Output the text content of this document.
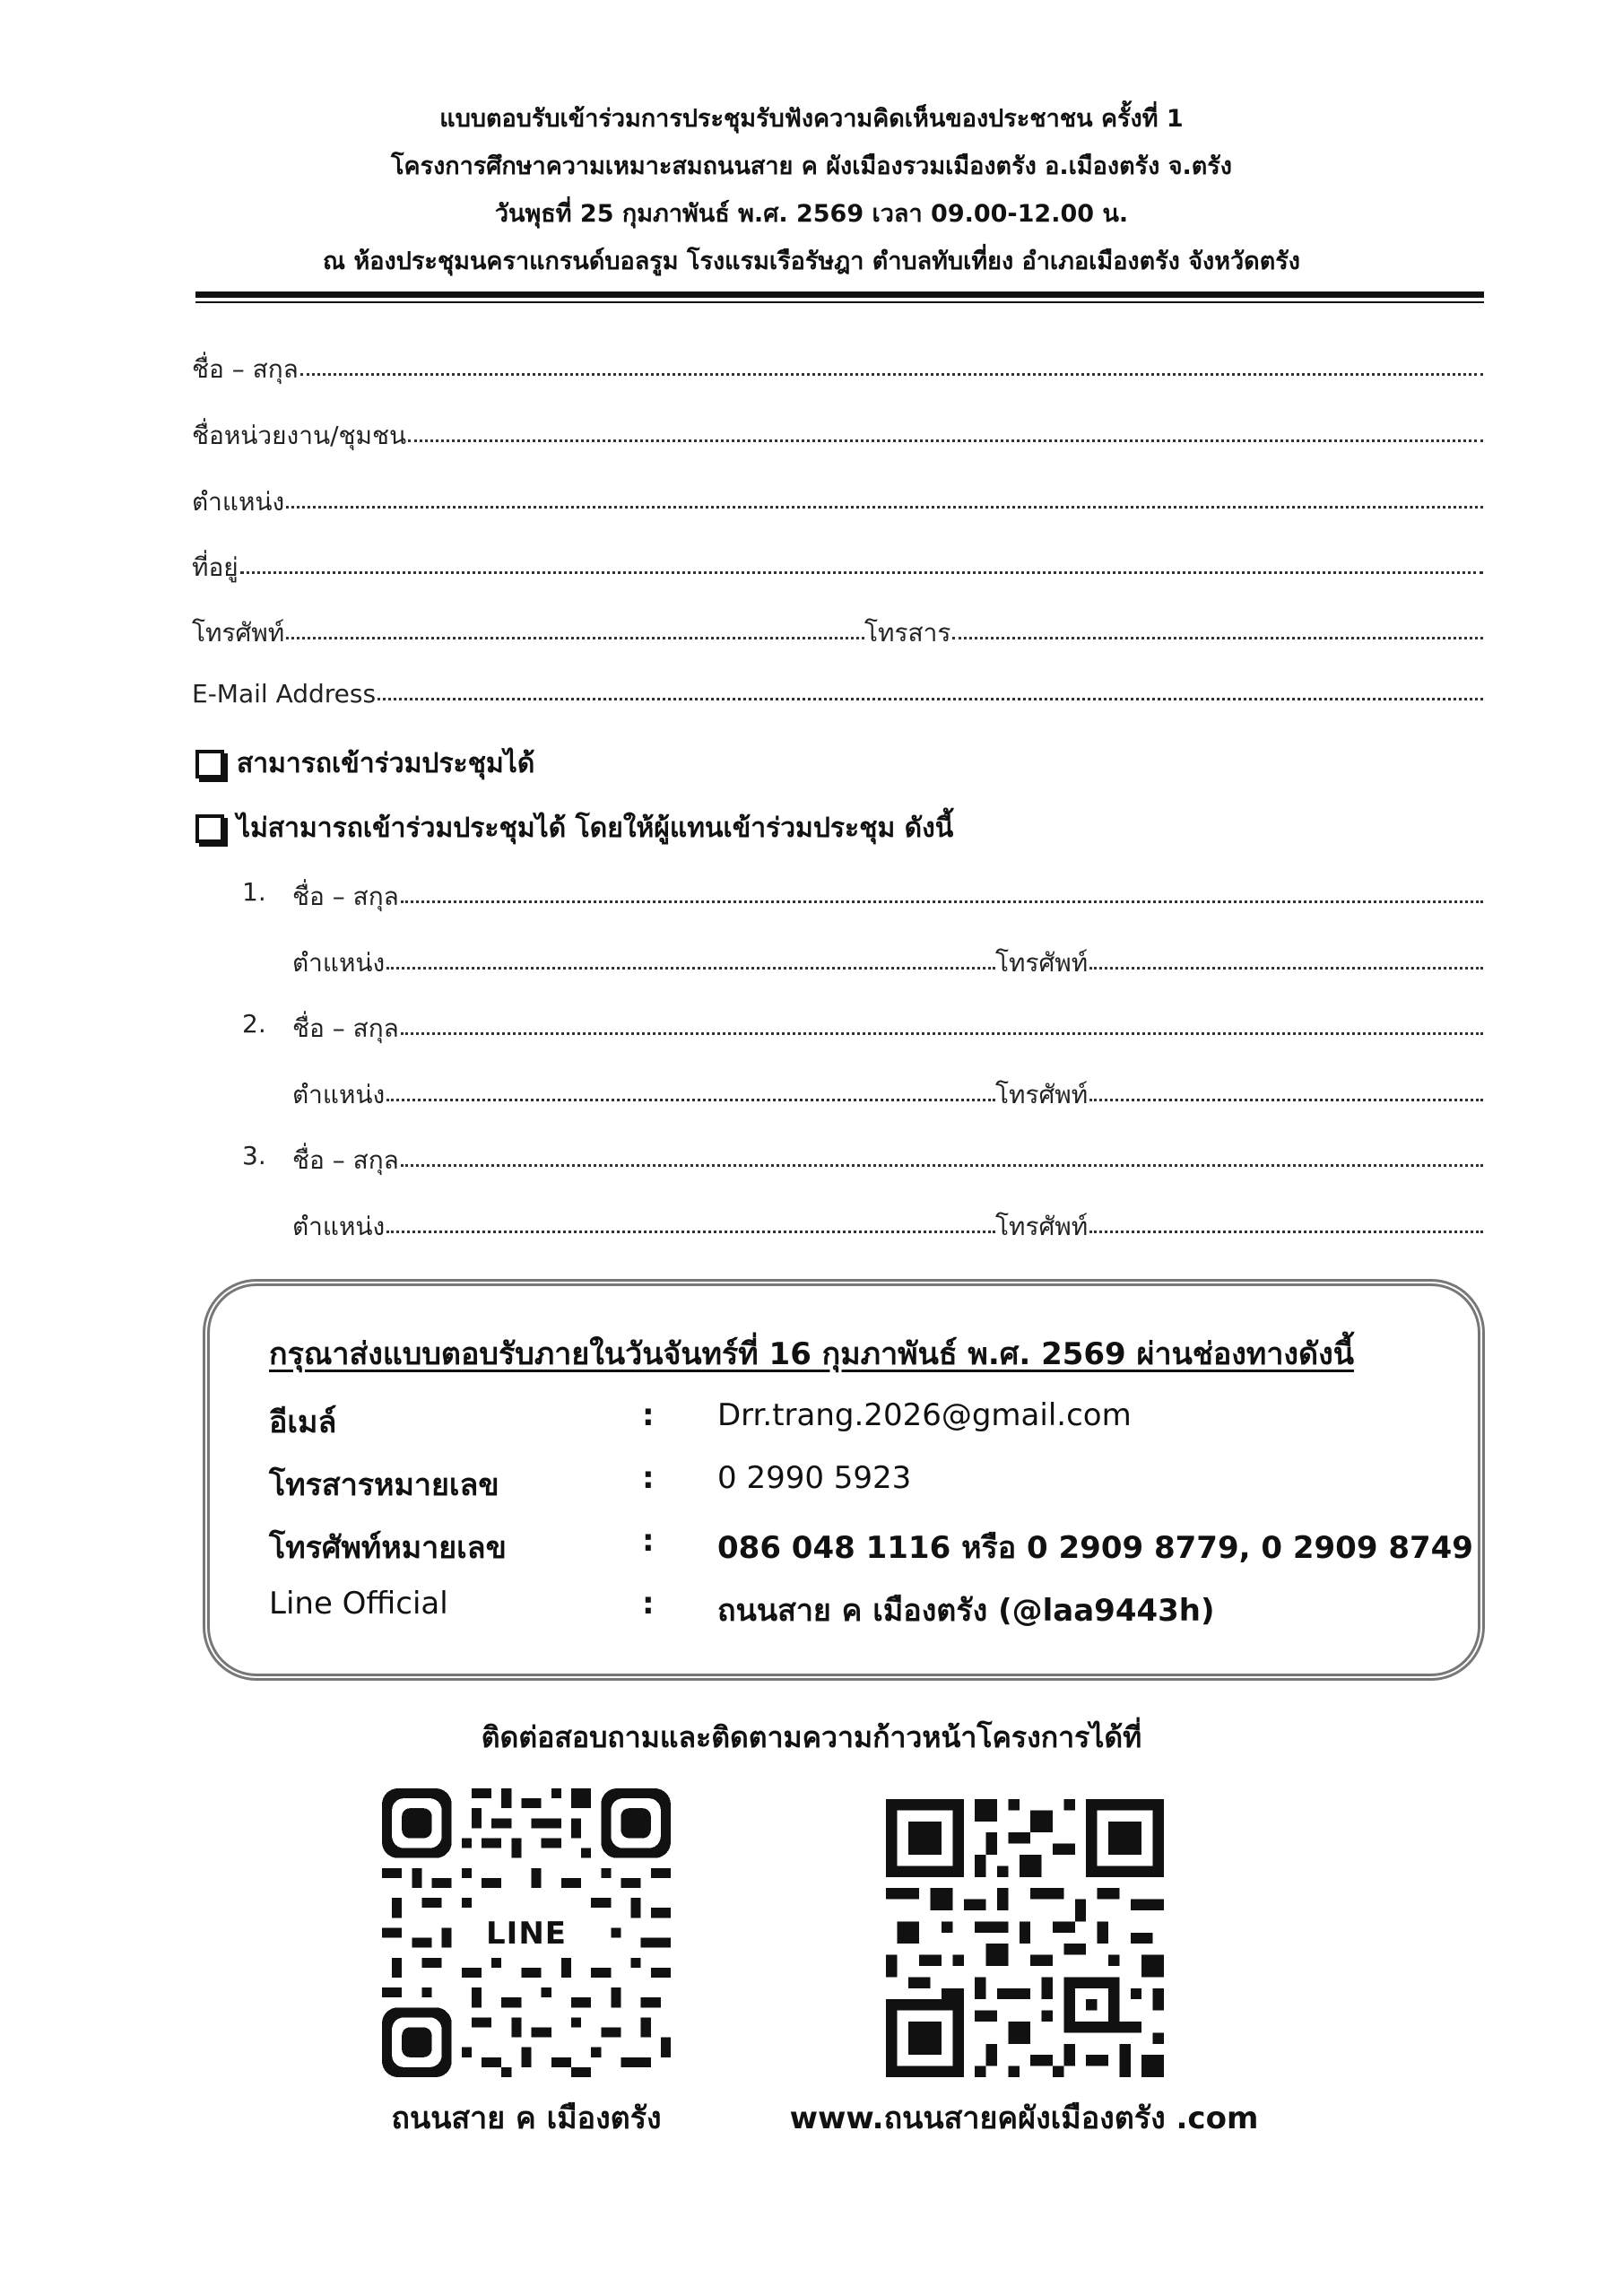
แบบตอบรับเข้าร่วมการประชุมรับฟังความคิดเห็นของประชาชน ครั้งที่ 1
โครงการศึกษาความเหมาะสมถนนสาย ค ผังเมืองรวมเมืองตรัง อ.เมืองตรัง จ.ตรัง
วันพุธที่ 25 กุมภาพันธ์ พ.ศ. 2569 เวลา 09.00-12.00 น.
ณ ห้องประชุมนคราแกรนด์บอลรูม โรงแรมเรือรัษฎา ตำบลทับเที่ยง อำเภอเมืองตรัง จังหวัดตรัง
ชื่อ – สกุล
ชื่อหน่วยงาน/ชุมชน
ตำแหน่ง
ที่อยู่
โทรศัพท์	โทรสาร
E-Mail Address
สามารถเข้าร่วมประชุมได้
ไม่สามารถเข้าร่วมประชุมได้ โดยให้ผู้แทนเข้าร่วมประชุม ดังนี้
1. ชื่อ – สกุล
ตำแหน่ง	โทรศัพท์
2. ชื่อ – สกุล
ตำแหน่ง	โทรศัพท์
3. ชื่อ – สกุล
ตำแหน่ง	โทรศัพท์
กรุณาส่งแบบตอบรับภายในวันจันทร์ที่ 16 กุมภาพันธ์ พ.ศ. 2569 ผ่านช่องทางดังนี้
อีเมล์	: Drr.trang.2026@gmail.com
โทรสารหมายเลข	: 0 2990 5923
โทรศัพท์หมายเลข	: 086 048 1116 หรือ 0 2909 8779, 0 2909 8749
Line Official	: ถนนสาย ค เมืองตรัง (@laa9443h)
ติดต่อสอบถามและติดตามความก้าวหน้าโครงการได้ที่
LINE
ถนนสาย ค เมืองตรัง	www.ถนนสายคผังเมืองตรัง .com
